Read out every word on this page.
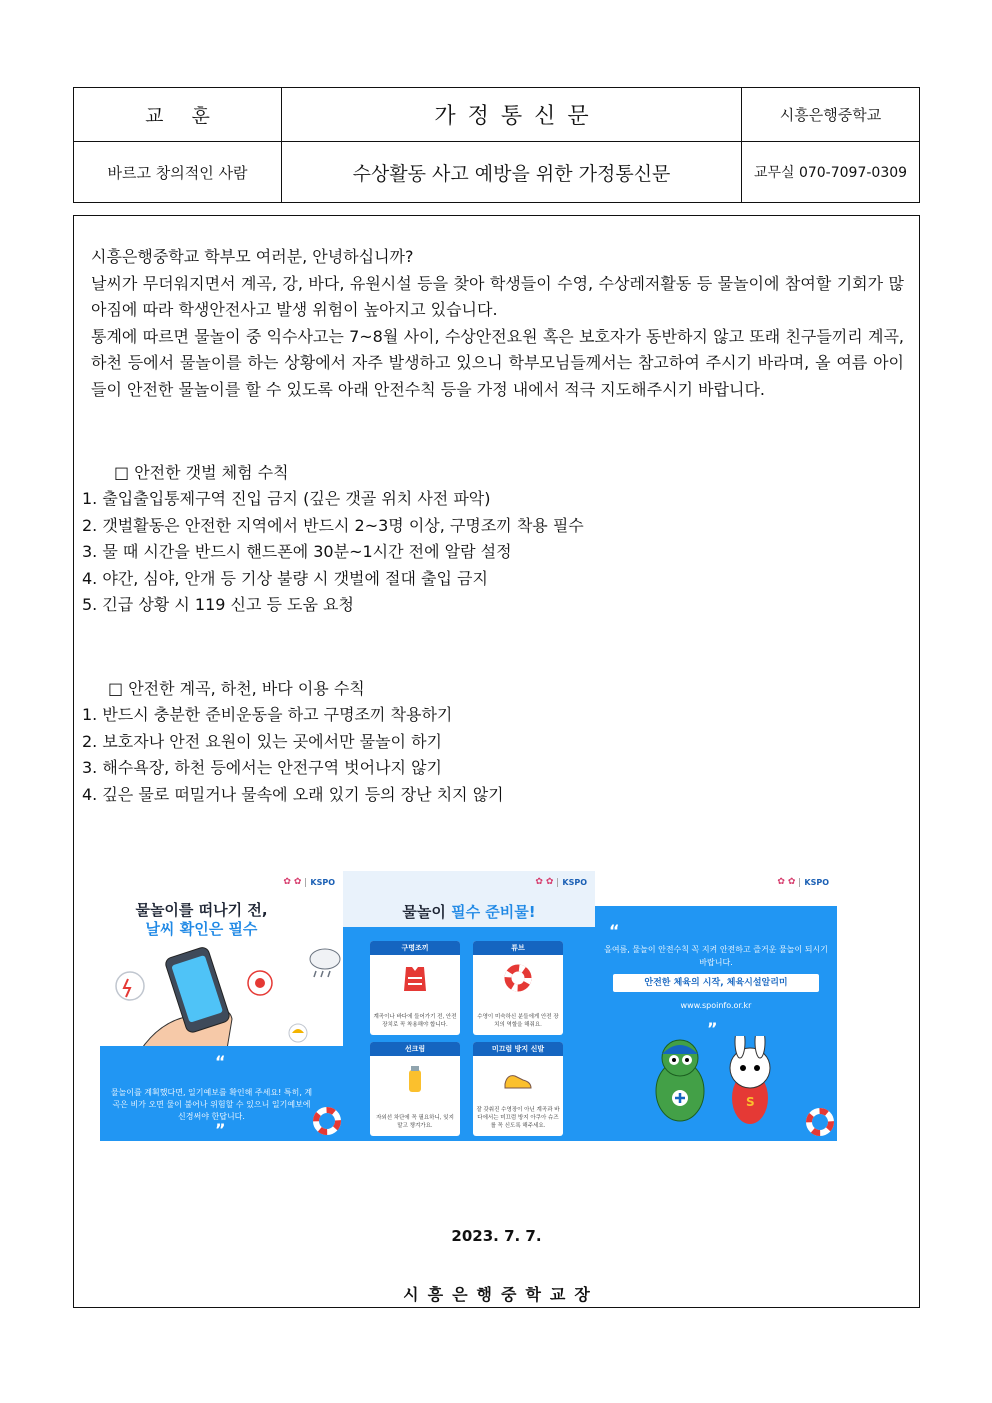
교훈	가정통신문	시흥은행중학교
바르고 창의적인 사람	수상활동 사고 예방을 위한 가정통신문	교무실 070-7097-0309

시흥은행중학교 학부모 여러분, 안녕하십니까?

날씨가 무더워지면서 계곡, 강, 바다, 유원시설 등을 찾아 학생들이 수영, 수상레저활동 등 물놀이에 참여할 기회가 많아짐에 따라 학생안전사고 발생 위험이 높아지고 있습니다.

통계에 따르면 물놀이 중 익수사고는 7~8월 사이, 수상안전요원 혹은 보호자가 동반하지 않고 또래 친구들끼리 계곡, 하천 등에서 물놀이를 하는 상황에서 자주 발생하고 있으니 학부모님들께서는 참고하여 주시기 바라며, 올 여름 아이들이 안전한 물놀이를 할 수 있도록 아래 안전수칙 등을 가정 내에서 적극 지도해주시기 바랍니다.

□ 안전한 갯벌 체험 수칙
1. 출입출입통제구역 진입 금지 (깊은 갯골 위치 사전 파악)
2. 갯벌활동은 안전한 지역에서 반드시 2~3명 이상, 구명조끼 착용 필수
3. 물 때 시간을 반드시 핸드폰에 30분~1시간 전에 알람 설정
4. 야간, 심야, 안개 등 기상 불량 시 갯벌에 절대 출입 금지
5. 긴급 상황 시 119 신고 등 도움 요청
□ 안전한 계곡, 하천, 바다 이용 수칙
1. 반드시 충분한 준비운동을 하고 구명조끼 착용하기
2. 보호자나 안전 요원이 있는 곳에서만 물놀이 하기
3. 해수욕장, 하천 등에서는 안전구역 벗어나지 않기
4. 깊은 물로 떠밀거나 물속에 오래 있기 등의 장난 치지 않기
✿ ✿	KSPO
물놀이를 떠나기 전,
날씨 확인은 필수
“
물놀이를 계획했다면, 일기예보를 확인해 주세요! 특히, 계곡은 비가 오면 물이 불어나 위험할 수 있으니 일기예보에 신경써야 한답니다.
”
✿ ✿	KSPO
물놀이 필수 준비물!
구명조끼
계곡이나 바다에 들어가기 전, 안전 장치로 꼭 착용해야 합니다.
튜브
수영이 미숙하신 분들에게 안전 장치의 역할을 해줘요.
선크림
자외선 차단에 꼭 필요하니, 잊지 말고 챙겨가요.
미끄럼 방지 신발
잘 갖춰진 수영장이 아닌 계곡과 바다에서는 미끄럼 방지 아쿠아 슈즈를 꼭 신도록 해주세요.
✿ ✿	KSPO
“
올여름, 물놀이 안전수칙 꼭 지켜 안전하고 즐거운 물놀이 되시기 바랍니다.
안전한 체육의 시작, 체육시설알리미
www.spoinfo.or.kr
”
S
2023. 7. 7.
시흥은행중학교장
